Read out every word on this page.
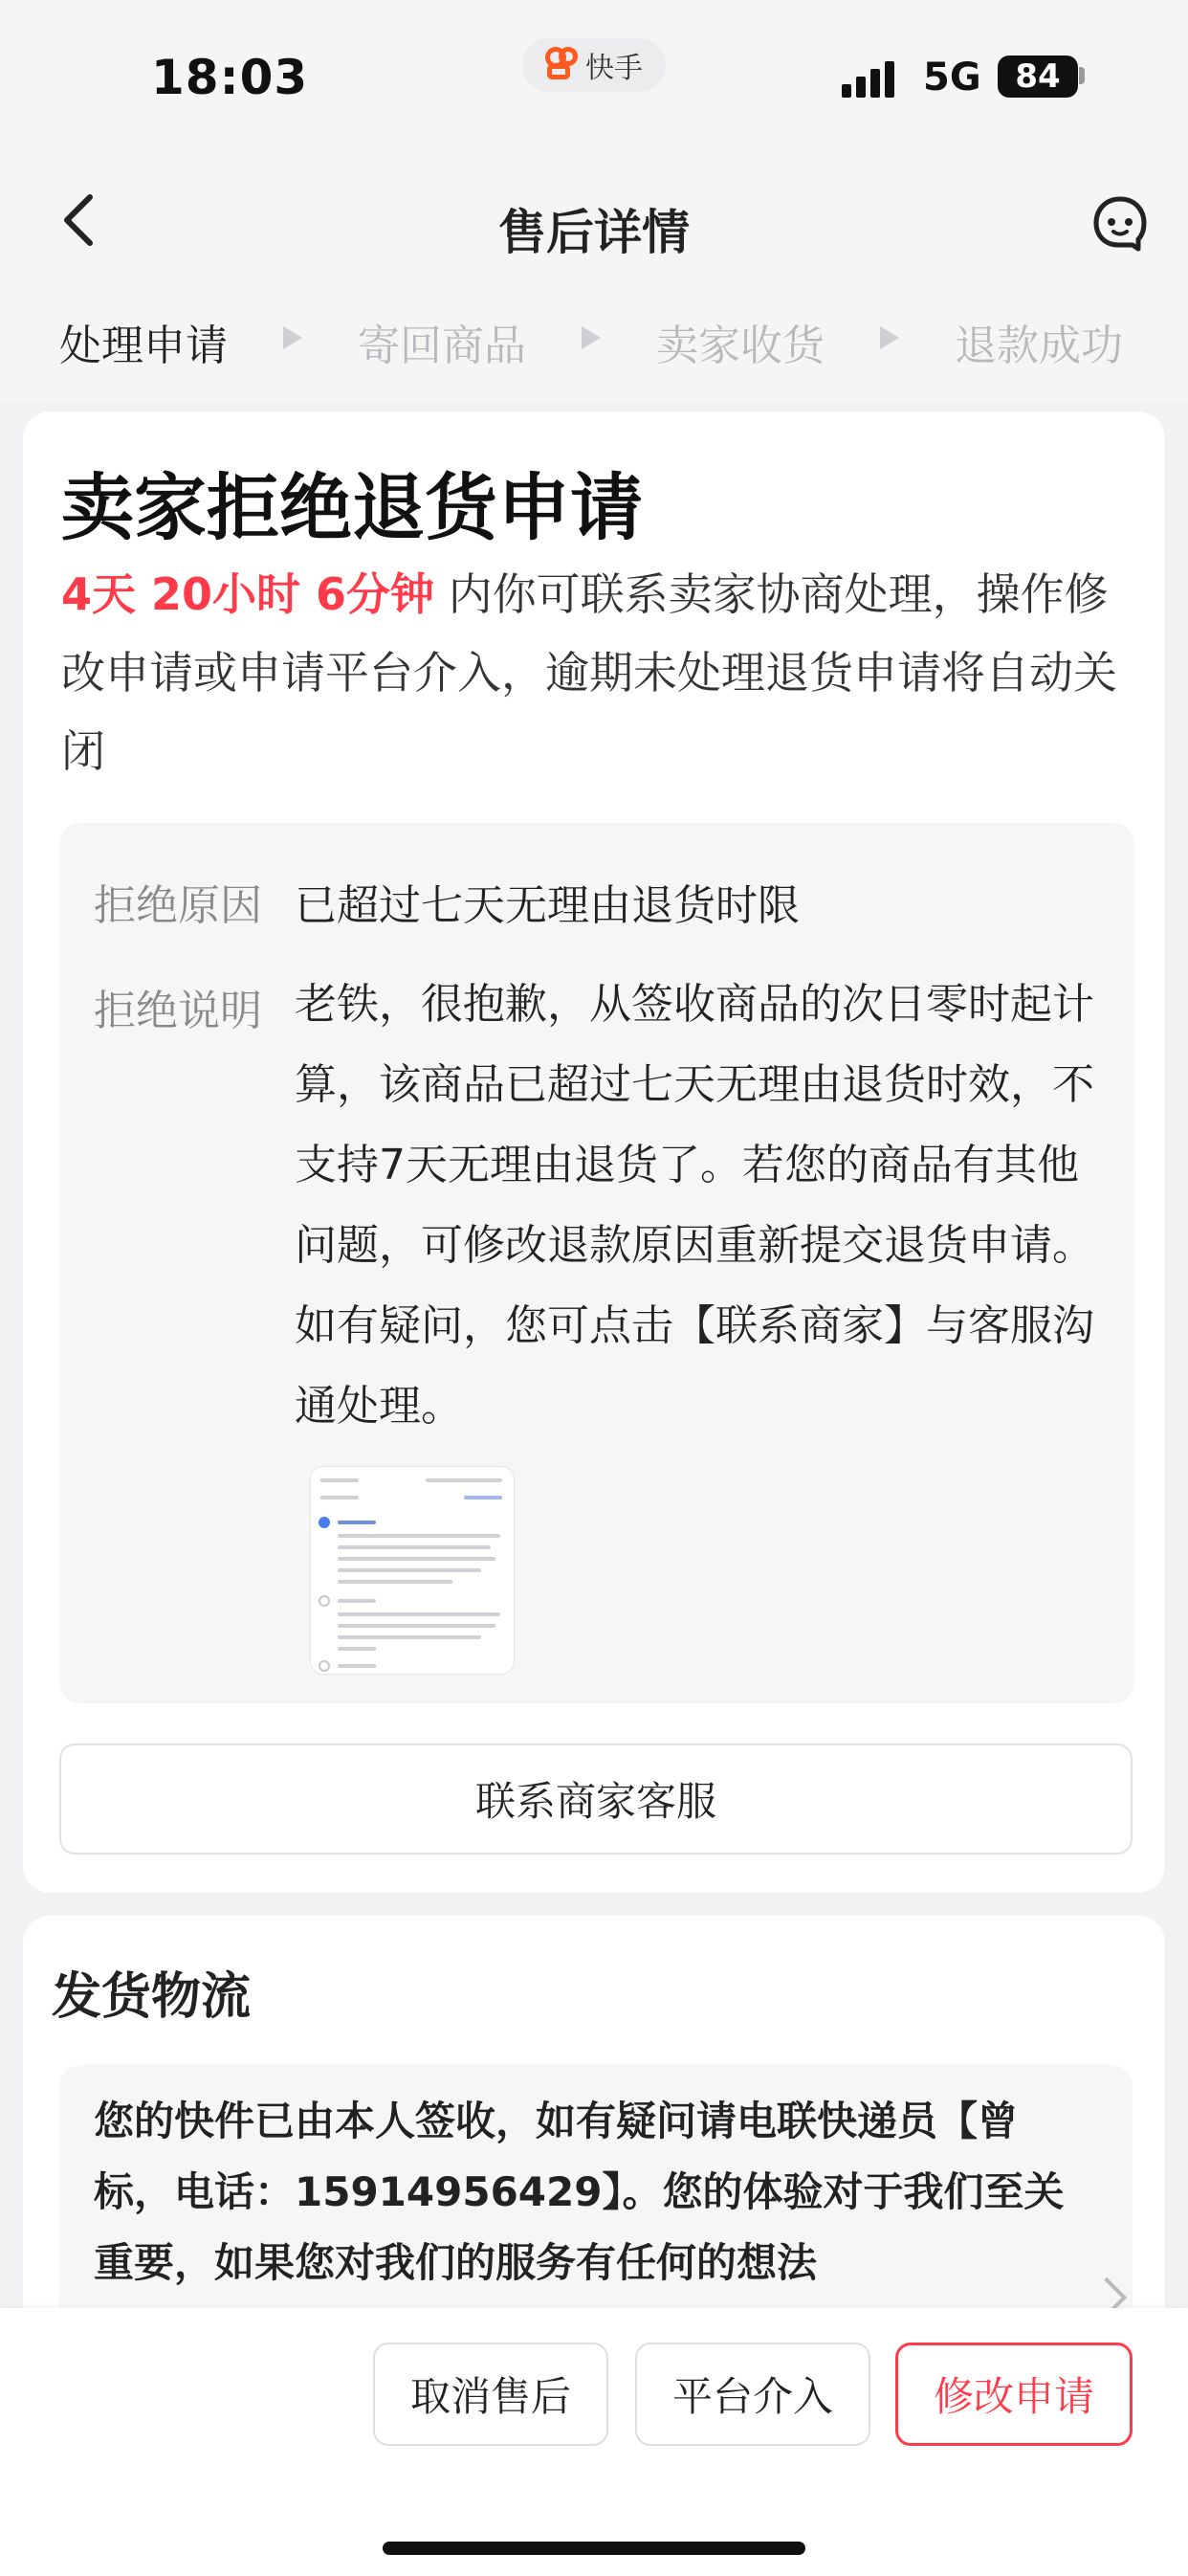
18:03	快手	5G 84
售后详情
处理申请	寄回商品	卖家收货	退款成功
卖家拒绝退货申请
4天 20小时 6分钟 内你可联系卖家协商处理，操作修改申请或申请平台介入，逾期未处理退货申请将自动关闭
拒绝原因 已超过七天无理由退货时限
拒绝说明 老铁，很抱歉，从签收商品的次日零时起计算，该商品已超过七天无理由退货时效，不支持7天无理由退货了。若您的商品有其他问题，可修改退款原因重新提交退货申请。如有疑问，您可点击【联系商家】与客服沟通处理。
联系商家客服
发货物流
您的快件已由本人签收，如有疑问请电联快递员【曾标，电话：15914956429】。您的体验对于我们至关重要，如果您对我们的服务有任何的想法
取消售后	平台介入	修改申请
